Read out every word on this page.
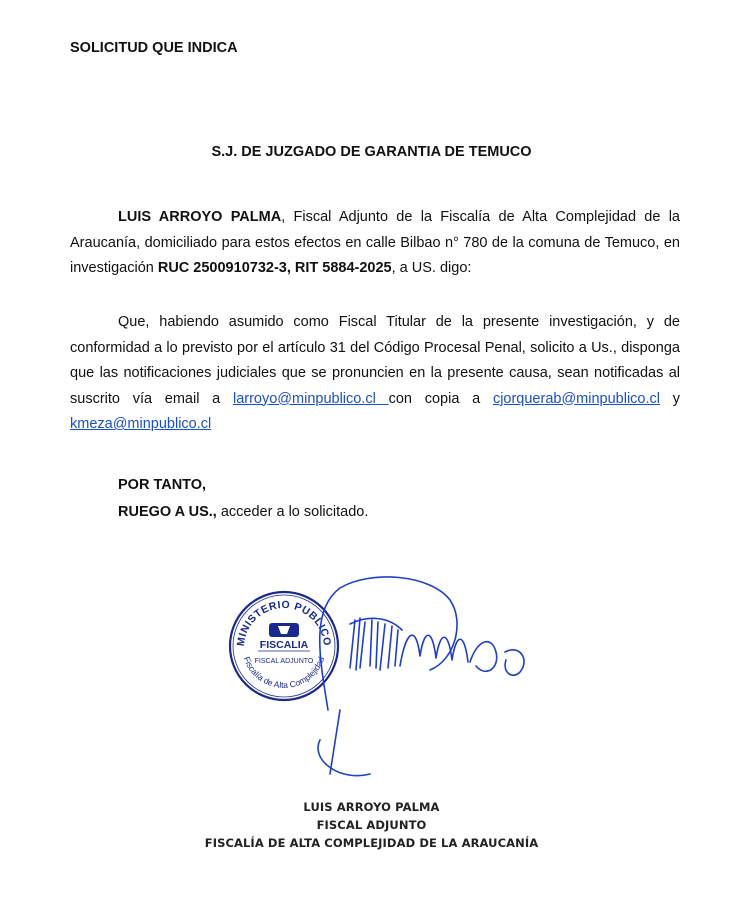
SOLICITUD QUE INDICA
S.J. DE JUZGADO DE GARANTIA DE TEMUCO

LUIS ARROYO PALMA, Fiscal Adjunto de la Fiscalía de Alta Complejidad de la Araucanía, domiciliado para estos efectos en calle Bilbao n° 780 de la comuna de Temuco, en investigación RUC 2500910732-3, RIT 5884-2025, a US. digo:

Que, habiendo asumido como Fiscal Titular de la presente investigación, y de conformidad a lo previsto por el artículo 31 del Código Procesal Penal, solicito a Us., disponga que las notificaciones judiciales que se pronuncien en la presente causa, sean notificadas al suscrito vía email a larroyo@minpublico.cl con copia a cjorquerab@minpublico.cl y kmeza@minpublico.cl

POR TANTO,
RUEGO A US., acceder a lo solicitado.
MINISTERIO PUBLICO
FISCALIA
FISCAL ADJUNTO
Fiscalía de Alta Complejidad
LUIS ARROYO PALMA
FISCAL ADJUNTO
FISCALÍA DE ALTA COMPLEJIDAD DE LA ARAUCANÍA
